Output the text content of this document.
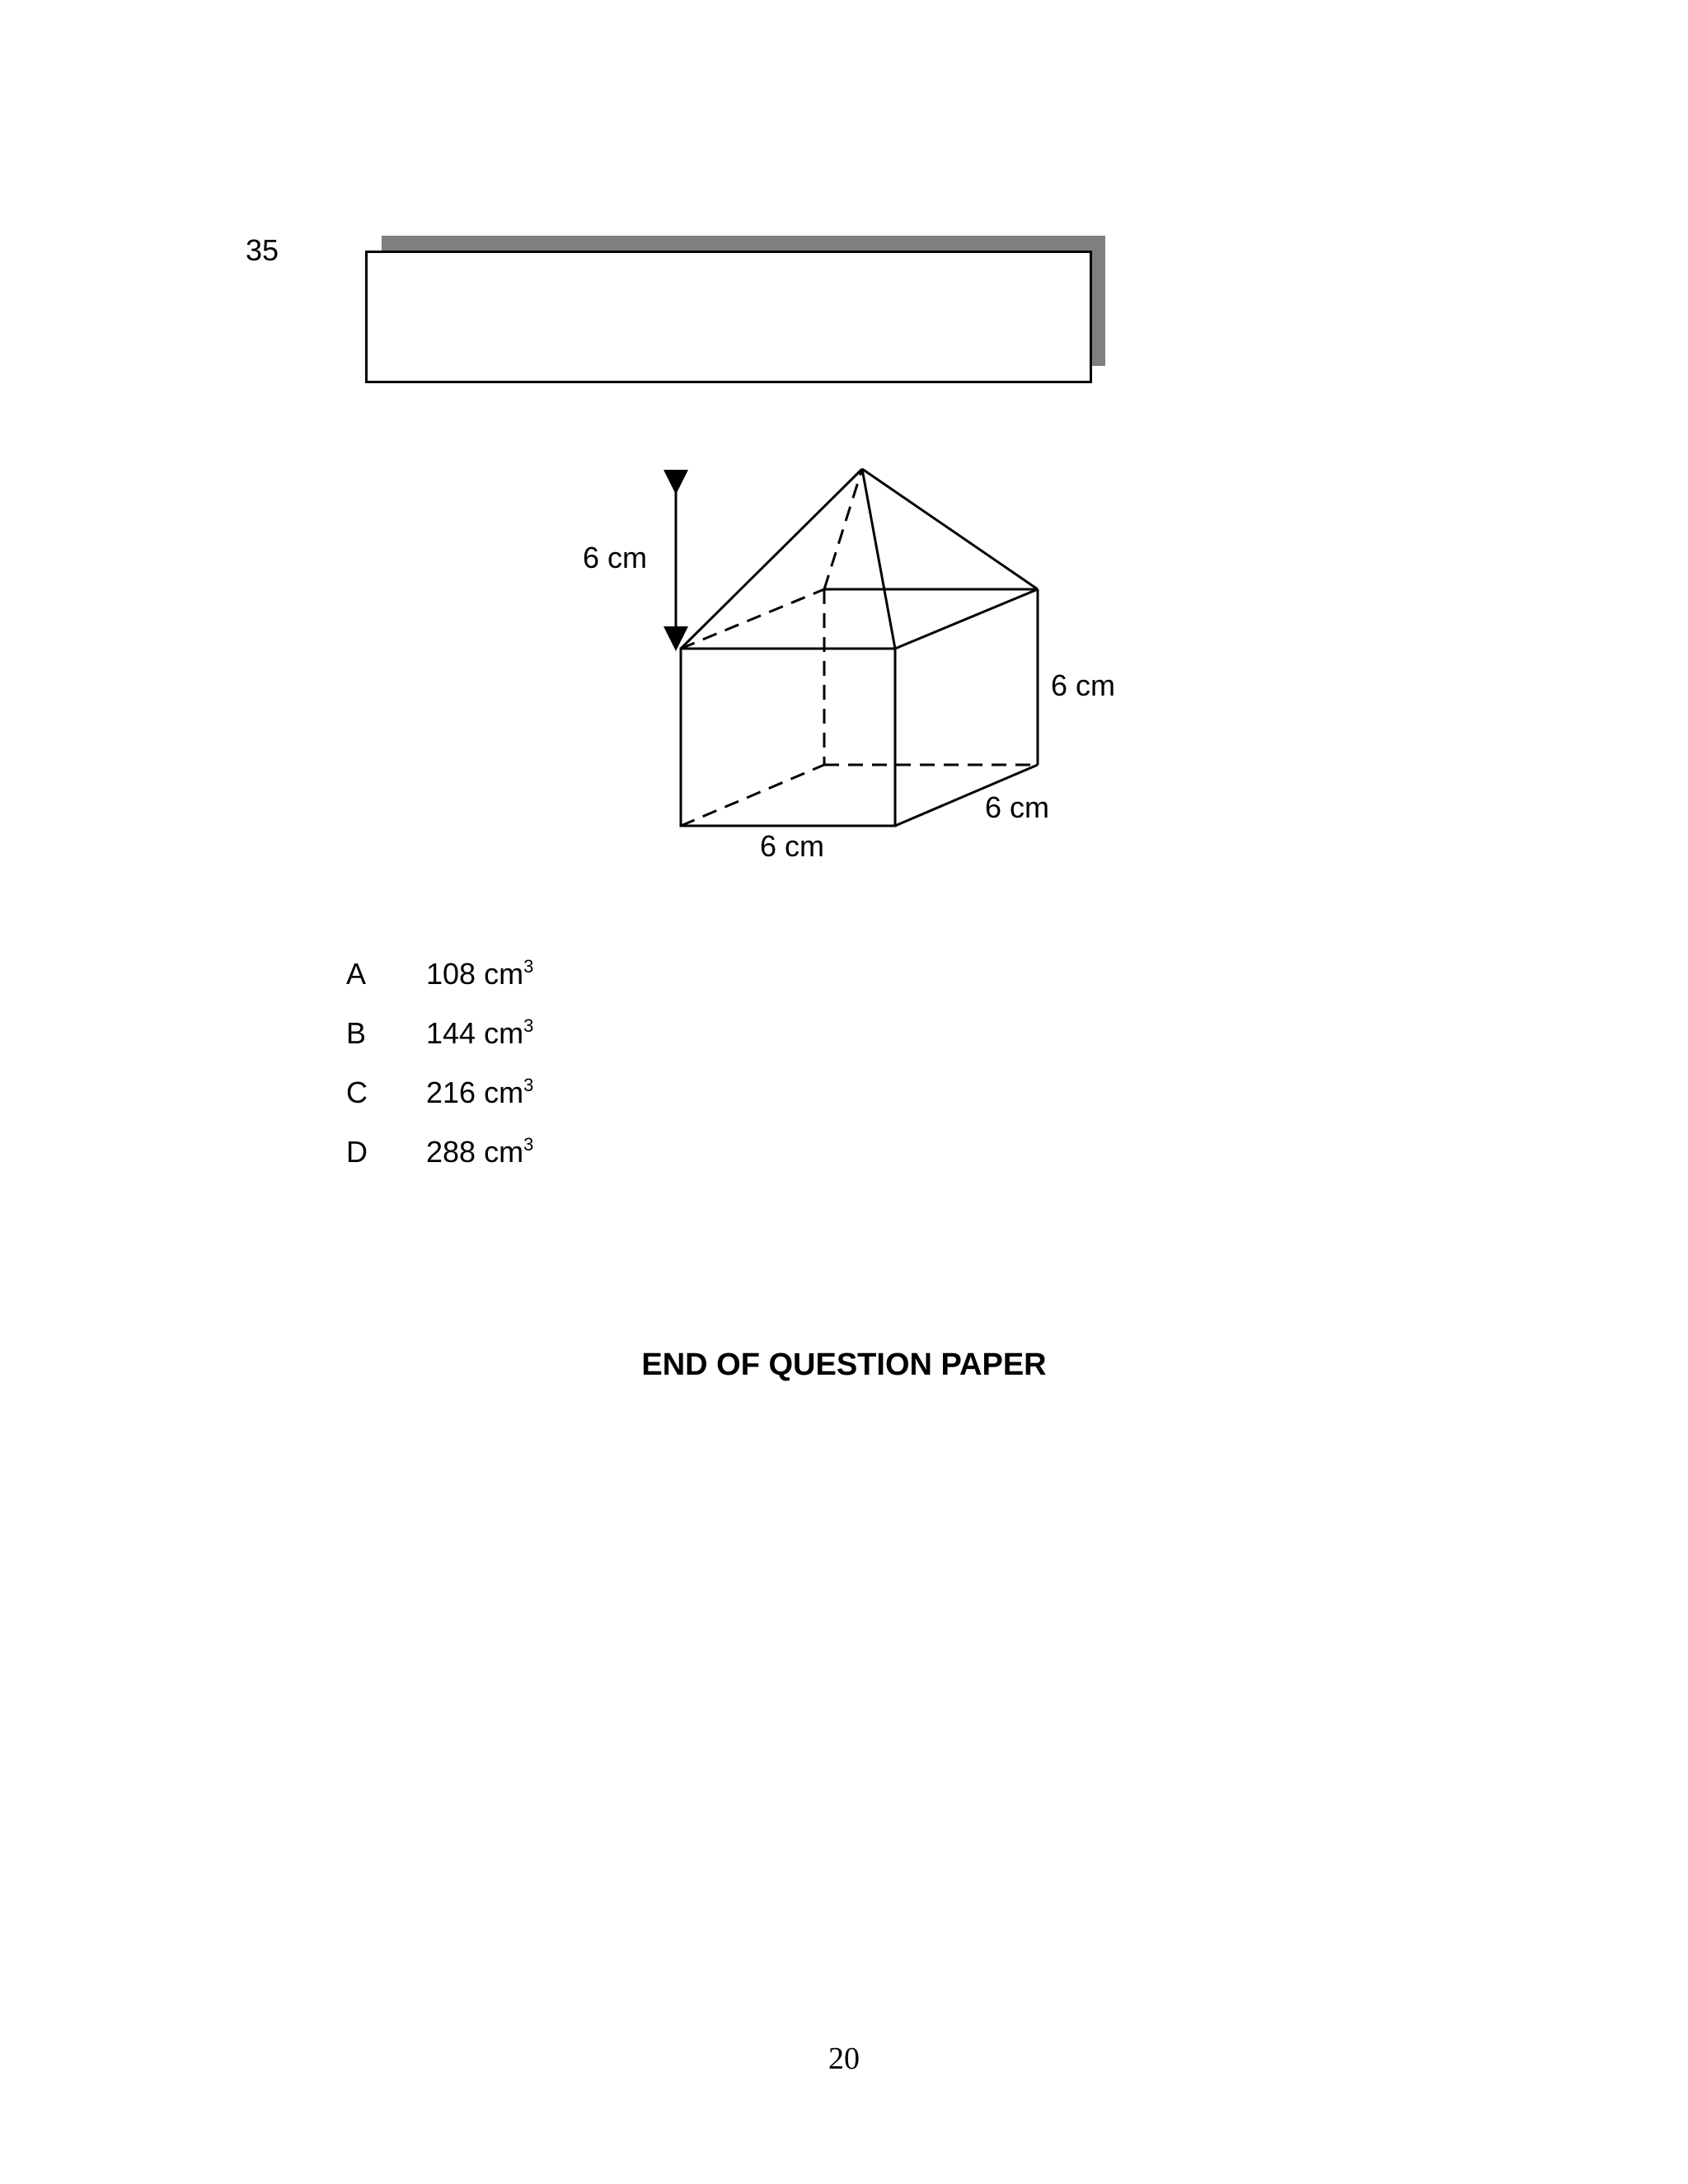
35
6 cm
6 cm
6 cm
6 cm
A	108 $cm^3$
B	144 $cm^3$
C	216 $cm^3$
D	288 $cm^3$
END OF QUESTION PAPER
20
